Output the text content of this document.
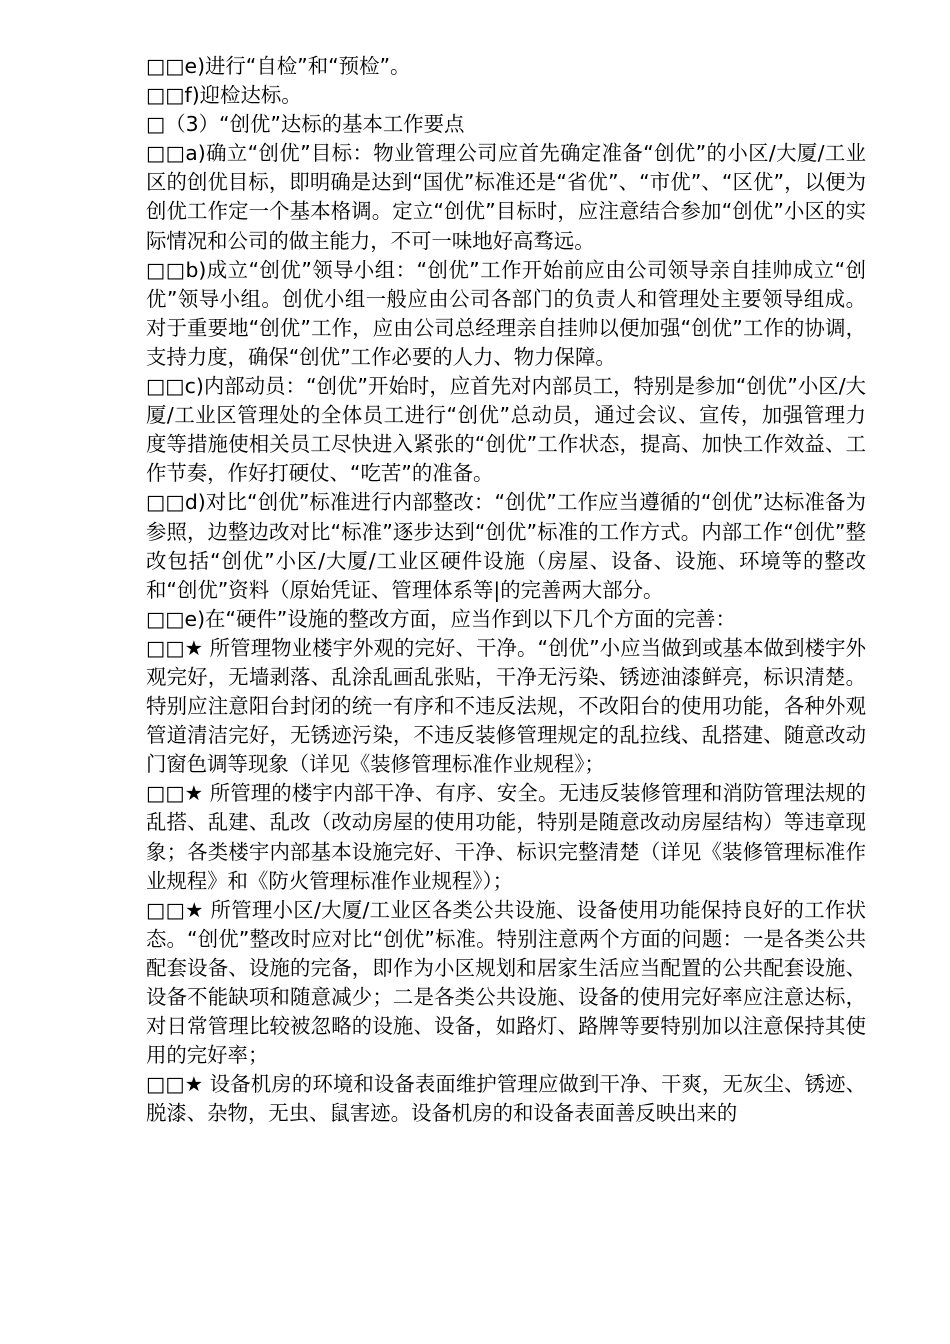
□□e)进行“自检”和“预检”。

□□f)迎检达标。

□（3）“创优”达标的基本工作要点

□□a)确立“创优”目标：物业管理公司应首先确定准备“创优”的小区/大厦/工业区的创优目标，即明确是达到“国优”标准还是“省优”、“市优”、“区优”，以便为创优工作定一个基本格调。定立“创优”目标时，应注意结合参加“创优”小区的实际情况和公司的做主能力，不可一味地好高骛远。

□□b)成立“创优”领导小组：“创优”工作开始前应由公司领导亲自挂帅成立“创优”领导小组。创优小组一般应由公司各部门的负责人和管理处主要领导组成。对于重要地“创优”工作，应由公司总经理亲自挂帅以便加强“创优”工作的协调，支持力度，确保“创优”工作必要的人力、物力保障。

□□c)内部动员：“创优”开始时，应首先对内部员工，特别是参加“创优”小区/大厦/工业区管理处的全体员工进行“创优”总动员，通过会议、宣传，加强管理力度等措施使相关员工尽快进入紧张的“创优”工作状态，提高、加快工作效益、工作节奏，作好打硬仗、“吃苦”的准备。

□□d)对比“创优”标准进行内部整改：“创优”工作应当遵循的“创优”达标准备为参照，边整边改对比“标准”逐步达到“创优”标准的工作方式。内部工作“创优”整改包括“创优”小区/大厦/工业区硬件设施（房屋、设备、设施、环境等的整改和“创优”资料（原始凭证、管理体系等|的完善两大部分。

□□e)在“硬件”设施的整改方面，应当作到以下几个方面的完善：

□□★ 所管理物业楼宇外观的完好、干净。“创优”小应当做到或基本做到楼宇外观完好，无墙剥落、乱涂乱画乱张贴，干净无污染、锈迹油漆鲜亮，标识清楚。特别应注意阳台封闭的统一有序和不违反法规，不改阳台的使用功能，各种外观管道清洁完好，无锈迹污染，不违反装修管理规定的乱拉线、乱搭建、随意改动门窗色调等现象（详见《装修管理标准作业规程》；

□□★ 所管理的楼宇内部干净、有序、安全。无违反装修管理和消防管理法规的乱搭、乱建、乱改（改动房屋的使用功能，特别是随意改动房屋结构）等违章现象；各类楼宇内部基本设施完好、干净、标识完整清楚（详见《装修管理标准作业规程》和《防火管理标准作业规程》）；

□□★ 所管理小区/大厦/工业区各类公共设施、设备使用功能保持良好的工作状态。“创优”整改时应对比“创优”标准。特别注意两个方面的问题：一是各类公共配套设备、设施的完备，即作为小区规划和居家生活应当配置的公共配套设施、设备不能缺项和随意减少；二是各类公共设施、设备的使用完好率应注意达标，对日常管理比较被忽略的设施、设备，如路灯、路牌等要特别加以注意保持其使用的完好率；

□□★ 设备机房的环境和设备表面维护管理应做到干净、干爽，无灰尘、锈迹、脱漆、杂物，无虫、鼠害迹。设备机房的和设备表面善反映出来的
